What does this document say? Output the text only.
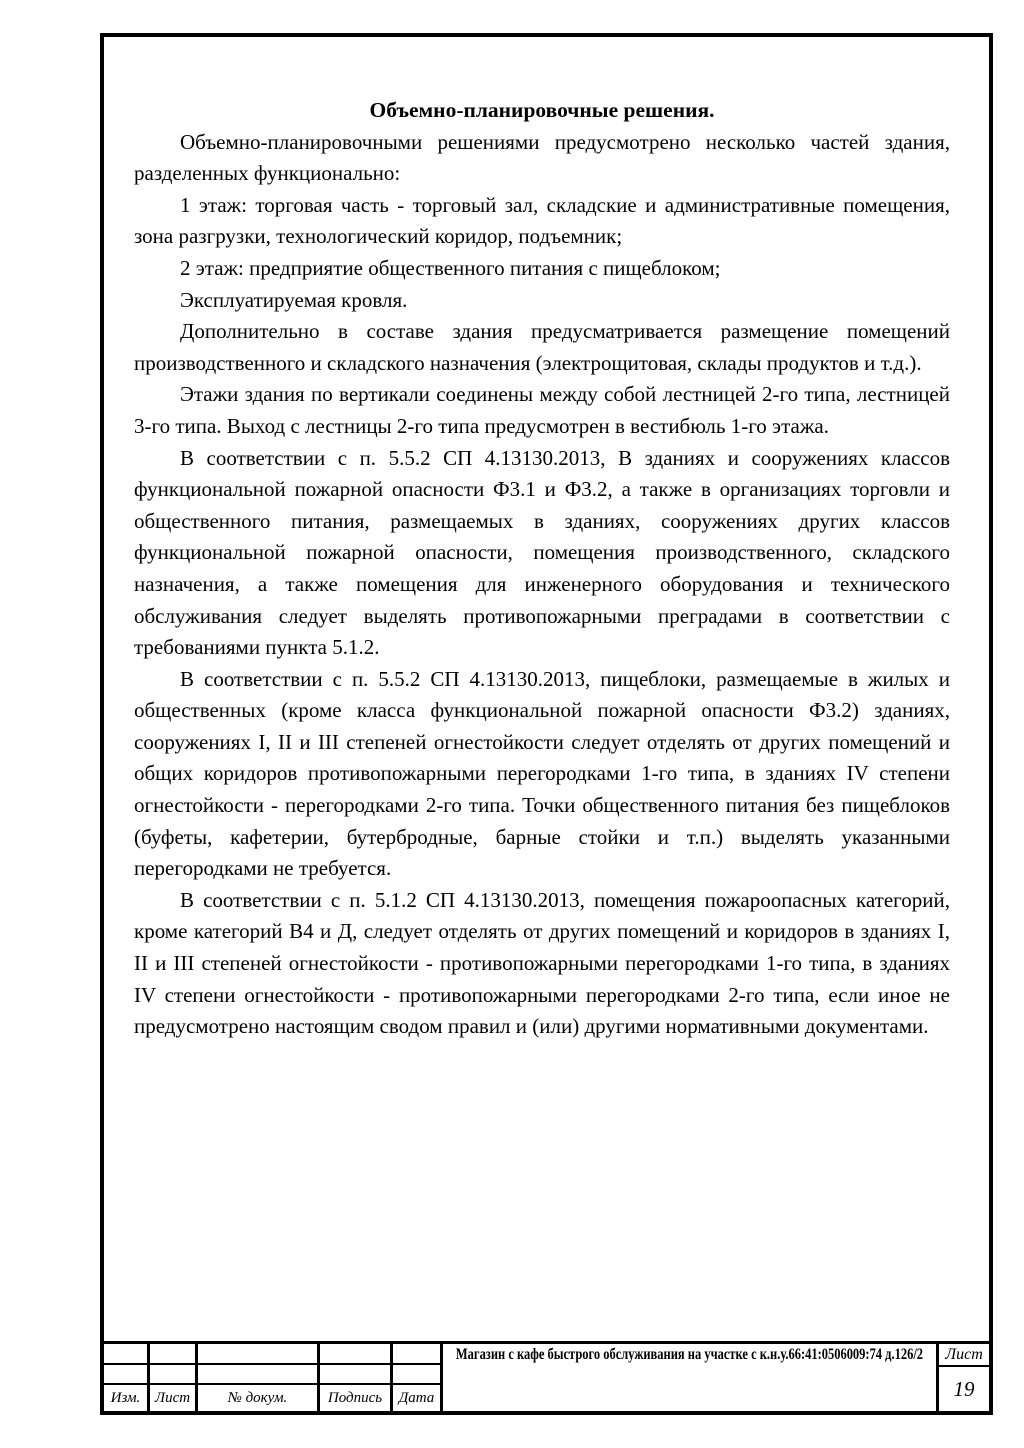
Объемно-планировочные решения.

Объемно-планировочными решениями предусмотрено несколько частей здания, разделенных функционально:

1 этаж: торговая часть - торговый зал, складские и административные помещения, зона разгрузки, технологический коридор, подъемник;

2 этаж: предприятие общественного питания с пищеблоком;

Эксплуатируемая кровля.

Дополнительно в составе здания предусматривается размещение помещений производственного и складского назначения (электрощитовая, склады продуктов и т.д.).

Этажи здания по вертикали соединены между собой лестницей 2-го типа, лестницей 3-го типа. Выход с лестницы 2-го типа предусмотрен в вестибюль 1-го этажа.

В соответствии с п. 5.5.2 СП 4.13130.2013, В зданиях и сооружениях классов функциональной пожарной опасности Ф3.1 и Ф3.2, а также в организациях торговли и общественного питания, размещаемых в зданиях, сооружениях других классов функциональной пожарной опасности, помещения производственного, складского назначения, а также помещения для инженерного оборудования и технического обслуживания следует выделять противопожарными преградами в соответствии с требованиями пункта 5.1.2.

В соответствии с п. 5.5.2 СП 4.13130.2013, пищеблоки, размещаемые в жилых и общественных (кроме класса функциональной пожарной опасности Ф3.2) зданиях, сооружениях I, II и III степеней огнестойкости следует отделять от других помещений и общих коридоров противопожарными перегородками 1-го типа, в зданиях IV степени огнестойкости - перегородками 2-го типа. Точки общественного питания без пищеблоков (буфеты, кафетерии, бутербродные, барные стойки и т.п.) выделять указанными перегородками не требуется.

В соответствии с п. 5.1.2 СП 4.13130.2013, помещения пожароопасных категорий, кроме категорий В4 и Д, следует отделять от других помещений и коридоров в зданиях I, II и III степеней огнестойкости - противопожарными перегородками 1-го типа, в зданиях IV степени огнестойкости - противопожарными перегородками 2-го типа, если иное не предусмотрено настоящим сводом правил и (или) другими нормативными документами.

Изм. Лист	№ докум.	Подпись	Дата
Магазин с кафе быстрого обслуживания на участке с к.н.у.66:41:0506009:74 д.126/2	Лист
19
